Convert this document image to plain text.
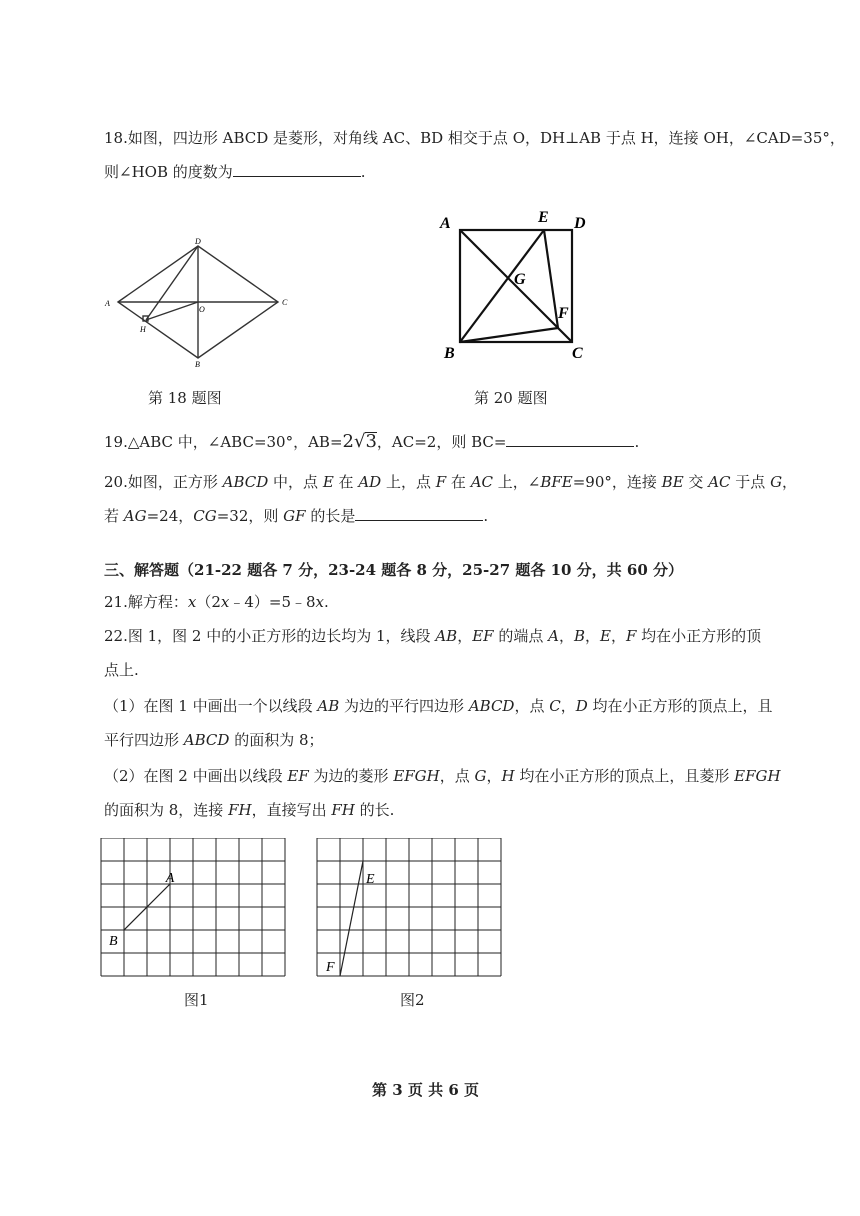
18.如图，四边形 ABCD 是菱形，对角线 AC、BD 相交于点 O，DH⊥AB 于点 H，连接 OH，∠CAD=35°，
则∠HOB 的度数为	.
A
D
C
B
O
H
第 18 题图
A	E D
G
F
B	C
第 20 题图
19.△ABC 中，∠ABC=30°，AB=2√3，AC=2，则 BC=	.
20.如图，正方形 ABCD 中，点 E 在 AD 上，点 F 在 AC 上，∠BFE=90°，连接 BE 交 AC 于点 G，
若 AG=24，CG=32，则 GF 的长是	.
三、解答题（21-22 题各 7 分，23-24 题各 8 分，25-27 题各 10 分，共 60 分）
21.解方程：x（2x﹣4）=5﹣8x.
22.图 1，图 2 中的小正方形的边长均为 1，线段 AB，EF 的端点 A，B，E，F 均在小正方形的顶
点上.
（1）在图 1 中画出一个以线段 AB 为边的平行四边形 ABCD，点 C，D 均在小正方形的顶点上，且
平行四边形 ABCD 的面积为 8；
（2）在图 2 中画出以线段 EF 为边的菱形 EFGH，点 G，H 均在小正方形的顶点上，且菱形 EFGH
的面积为 8，连接 FH，直接写出 FH 的长.
A
B
图1
E
F
图2
第 3 页 共 6 页
